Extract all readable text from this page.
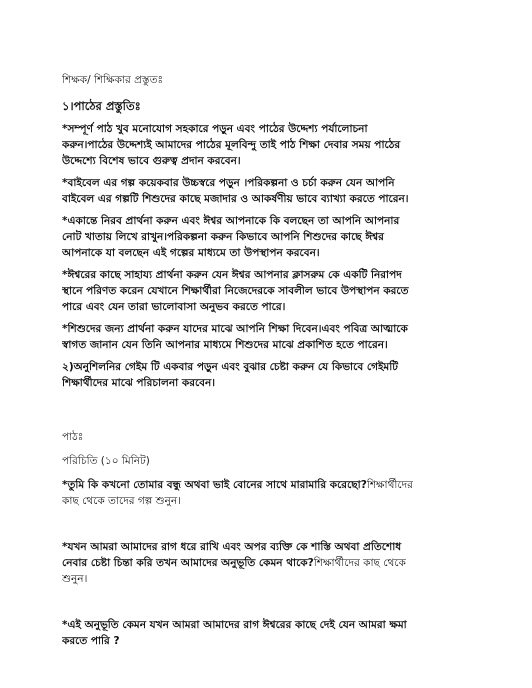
শিক্ষক/ শিক্ষিকার প্রস্তুতঃ

১।পাঠের প্রস্তুতিঃ

*সম্পূর্ণ পাঠ খুব মনোযোগ সহকারে পড়ুন এবং পাঠের উদ্দেশ্য পর্যালোচনা

করুন।পাঠের উদ্দেশ্যই আমাদের পাঠের মূলবিন্দু তাই পাঠ শিক্ষা দেবার সময় পাঠের

উদ্দেশ্যে বিশেষ ভাবে গুরুত্ব প্রদান করবেন।

*বাইবেল এর গল্প কয়েকবার উচ্চস্বরে পড়ুন ।পরিকল্পনা ও চর্চা করুন যেন আপনি

বাইবেল এর গল্পটি শিশুদের কাছে মজাদার ও আকর্ষণীয় ভাবে ব্যাখ্যা করতে পারেন।

*একান্তে নিরব প্রার্থনা করুন এবং ঈশ্বর আপনাকে কি বলছেন তা আপনি আপনার

নোট খাতায় লিখে রাখুন।পরিকল্পনা করুন কিভাবে আপনি শিশুদের কাছে ঈশ্বর

আপনাকে যা বলছেন এই গল্পের মাধ্যমে তা উপস্থাপন করবেন।

*ঈশ্বরের কাছে সাহায্য প্রার্থনা করুন যেন ঈশ্বর আপনার ক্লাসরুম কে একটি নিরাপদ

স্থানে পরিণত করেন যেখানে শিক্ষার্থীরা নিজেদেরকে সাবলীল ভাবে উপস্থাপন করতে

পারে এবং যেন তারা ভালোবাসা অনুভব করতে পারে।

*শিশুদের জন্য প্রার্থনা করুন যাদের মাঝে আপনি শিক্ষা দিবেন।এবং পবিত্র আত্মাকে

স্বাগত জানান যেন তিনি আপনার মাধ্যমে শিশুদের মাঝে প্রকাশিত হতে পারেন।

২)অনুশিলনির গেইম টি একবার পড়ুন এবং বুঝার চেষ্টা করুন যে কিভাবে গেইমটি

শিক্ষার্থীদের মাঝে পরিচালনা করবেন।

পাঠঃ

পরিচিতি (১০ মিনিট)

*তুমি কি কখনো তোমার বন্ধু অথবা ভাই বোনের সাথে মারামারি করেছো?শিক্ষার্থীদের

কাছ থেকে তাদের গল্প শুনুন।

*যখন আমরা আমাদের রাগ ধরে রাখি এবং অপর ব্যক্তি কে শাস্তি অথবা প্রতিশোধ

নেবার চেষ্টা চিন্তা করি তখন আমাদের অনুভূতি কেমন থাকে?শিক্ষার্থীদের কাছ থেকে

শুনুন।

*এই অনুভূতি কেমন যখন আমরা আমাদের রাগ ঈশ্বরের কাছে দেই যেন আমরা ক্ষমা

করতে পারি ?
